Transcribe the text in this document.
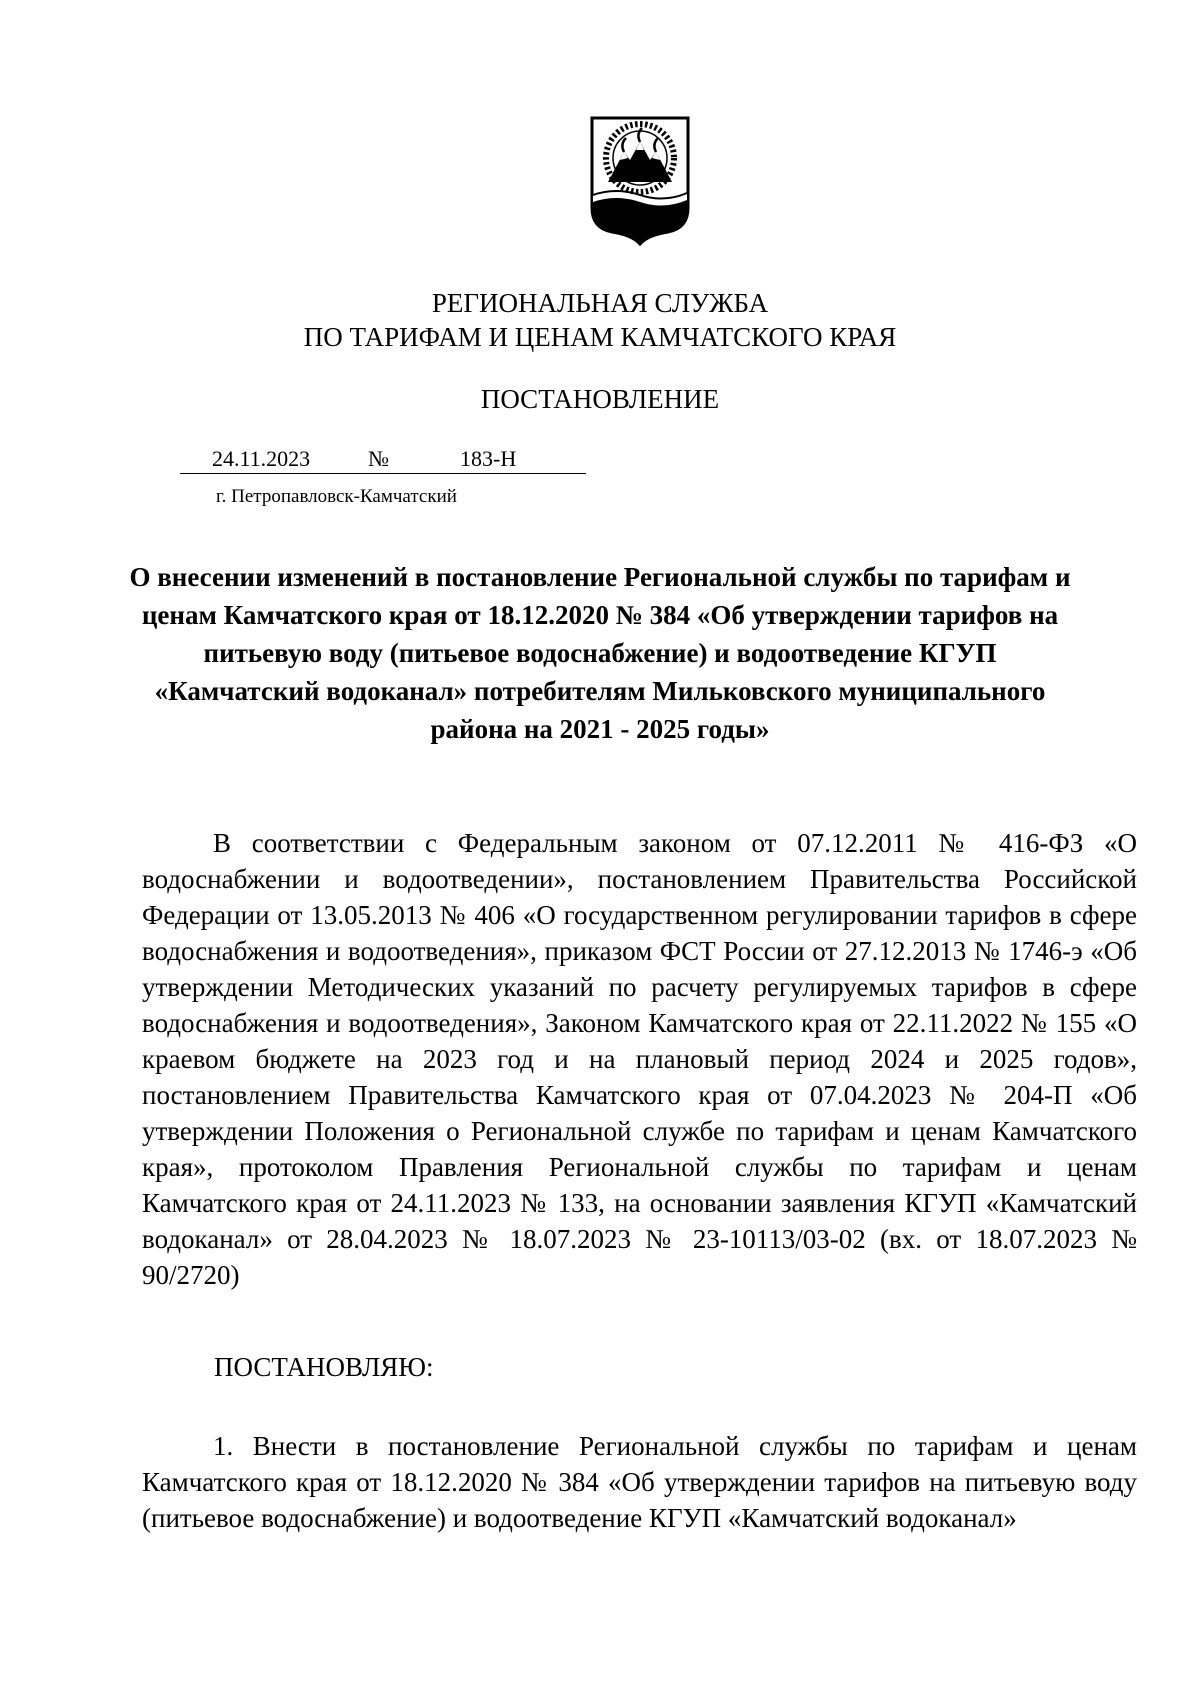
РЕГИОНАЛЬНАЯ СЛУЖБА
ПО ТАРИФАМ И ЦЕНАМ КАМЧАТСКОГО КРАЯ
ПОСТАНОВЛЕНИЕ
24.11.2023	№	183-Н
г. Петропавловск-Камчатский
О внесении изменений в постановление Региональной службы по тарифам и ценам Камчатского края от 18.12.2020 № 384 «Об утверждении тарифов на питьевую воду (питьевое водоснабжение) и водоотведение КГУП «Камчатский водоканал» потребителям Мильковского муниципального района на 2021 - 2025 годы»
В соответствии с Федеральным законом от 07.12.2011 № 416-ФЗ «О водоснабжении и водоотведении», постановлением Правительства Российской Федерации от 13.05.2013 № 406 «О государственном регулировании тарифов в сфере водоснабжения и водоотведения», приказом ФСТ России от 27.12.2013 № 1746-э «Об утверждении Методических указаний по расчету регулируемых тарифов в сфере водоснабжения и водоотведения», Законом Камчатского края от 22.11.2022 № 155 «О краевом бюджете на 2023 год и на плановый период 2024 и 2025 годов», постановлением Правительства Камчатского края от 07.04.2023 № 204-П «Об утверждении Положения о Региональной службе по тарифам и ценам Камчатского края», протоколом Правления Региональной службы по тарифам и ценам Камчатского края от 24.11.2023 № 133, на основании заявления КГУП «Камчатский водоканал» от 28.04.2023 № 18.07.2023 № 23-10113/03-02 (вх. от 18.07.2023 № 90/2720)
ПОСТАНОВЛЯЮ:
1. Внести в постановление Региональной службы по тарифам и ценам Камчатского края от 18.12.2020 № 384 «Об утверждении тарифов на питьевую воду (питьевое водоснабжение) и водоотведение КГУП «Камчатский водоканал»
